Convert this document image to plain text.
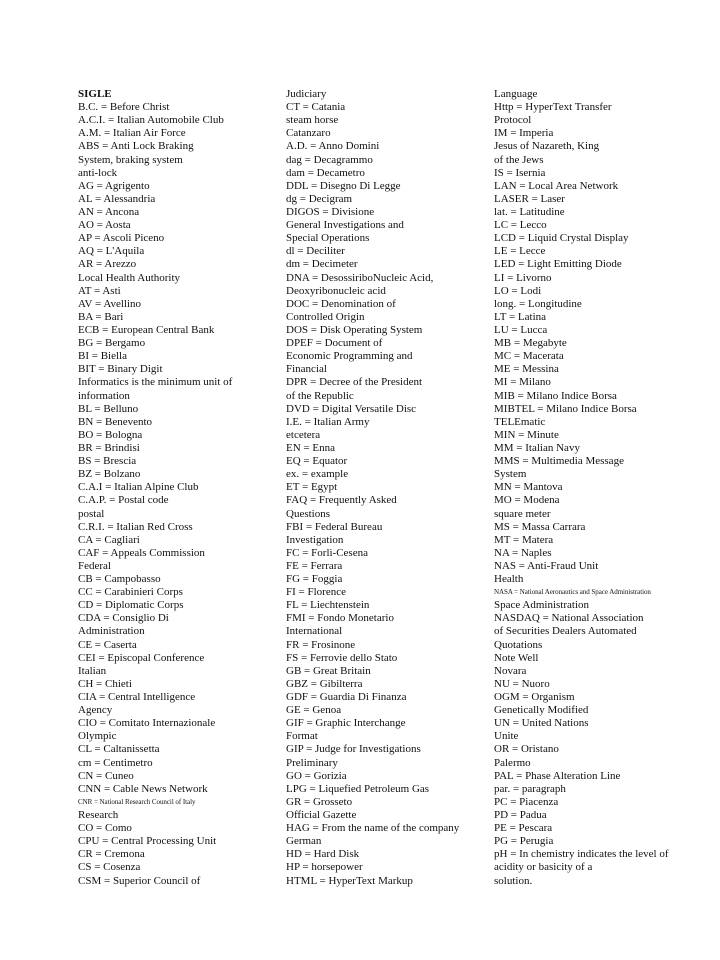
SIGLE
B.C. = Before Christ
A.C.I. = Italian Automobile Club
A.M. = Italian Air Force
ABS = Anti Lock Braking
System, braking system
anti-lock
AG = Agrigento
AL = Alessandria
AN = Ancona
AO = Aosta
AP = Ascoli Piceno
AQ = L'Aquila
AR = Arezzo
Local Health Authority
AT = Asti
AV = Avellino
BA = Bari
ECB = European Central Bank
BG = Bergamo
BI = Biella
BIT = Binary Digit
Informatics is the minimum unit of
information
BL = Belluno
BN = Benevento
BO = Bologna
BR = Brindisi
BS = Brescia
BZ = Bolzano
C.A.I = Italian Alpine Club
C.A.P. = Postal code
postal
C.R.I. = Italian Red Cross
CA = Cagliari
CAF = Appeals Commission
Federal
CB = Campobasso
CC = Carabinieri Corps
CD = Diplomatic Corps
CDA = Consiglio Di
Administration
CE = Caserta
CEI = Episcopal Conference
Italian
CH = Chieti
CIA = Central Intelligence
Agency
CIO = Comitato Internazionale
Olympic
CL = Caltanissetta
cm = Centimetro
CN = Cuneo
CNN = Cable News Network
CNR = National Research Council of Italy
Research
CO = Como
CPU = Central Processing Unit
CR = Cremona
CS = Cosenza
CSM = Superior Council of
Judiciary
CT = Catania
steam horse
Catanzaro
A.D. = Anno Domini
dag = Decagrammo
dam = Decametro
DDL = Disegno Di Legge
dg = Decigram
DIGOS = Divisione
General Investigations and
Special Operations
dl = Deciliter
dm = Decimeter
DNA = DesossiriboNucleic Acid,
Deoxyribonucleic acid
DOC = Denomination of
Controlled Origin
DOS = Disk Operating System
DPEF = Document of
Economic Programming and
Financial
DPR = Decree of the President
of the Republic
DVD = Digital Versatile Disc
I.E. = Italian Army
etcetera
EN = Enna
EQ = Equator
ex. = example
ET = Egypt
FAQ = Frequently Asked
Questions
FBI = Federal Bureau
Investigation
FC = Forlì-Cesena
FE = Ferrara
FG = Foggia
FI = Florence
FL = Liechtenstein
FMI = Fondo Monetario
International
FR = Frosinone
FS = Ferrovie dello Stato
GB = Great Britain
GBZ = Gibilterra
GDF = Guardia Di Finanza
GE = Genoa
GIF = Graphic Interchange
Format
GIP = Judge for Investigations
Preliminary
GO = Gorizia
LPG = Liquefied Petroleum Gas
GR = Grosseto
Official Gazette
HAG = From the name of the company
German
HD = Hard Disk
HP = horsepower
HTML = HyperText Markup
Language
Http = HyperText Transfer
Protocol
IM = Imperia
Jesus of Nazareth, King
of the Jews
IS = Isernia
LAN = Local Area Network
LASER = Laser
lat. = Latitudine
LC = Lecco
LCD = Liquid Crystal Display
LE = Lecce
LED = Light Emitting Diode
LI = Livorno
LO = Lodi
long. = Longitudine
LT = Latina
LU = Lucca
MB = Megabyte
MC = Macerata
ME = Messina
MI = Milano
MIB = Milano Indice Borsa
MIBTEL = Milano Indice Borsa
TELEmatic
MIN = Minute
MM = Italian Navy
MMS = Multimedia Message
System
MN = Mantova
MO = Modena
square meter
MS = Massa Carrara
MT = Matera
NA = Naples
NAS = Anti-Fraud Unit
Health
NASA = National Aeronautics and Space Administration
Space Administration
NASDAQ = National Association
of Securities Dealers Automated
Quotations
Note Well
Novara
NU = Nuoro
OGM = Organism
Genetically Modified
UN = United Nations
Unite
OR = Oristano
Palermo
PAL = Phase Alteration Line
par. = paragraph
PC = Piacenza
PD = Padua
PE = Pescara
PG = Perugia
pH = In chemistry indicates the level of
acidity or basicity of a
solution.
